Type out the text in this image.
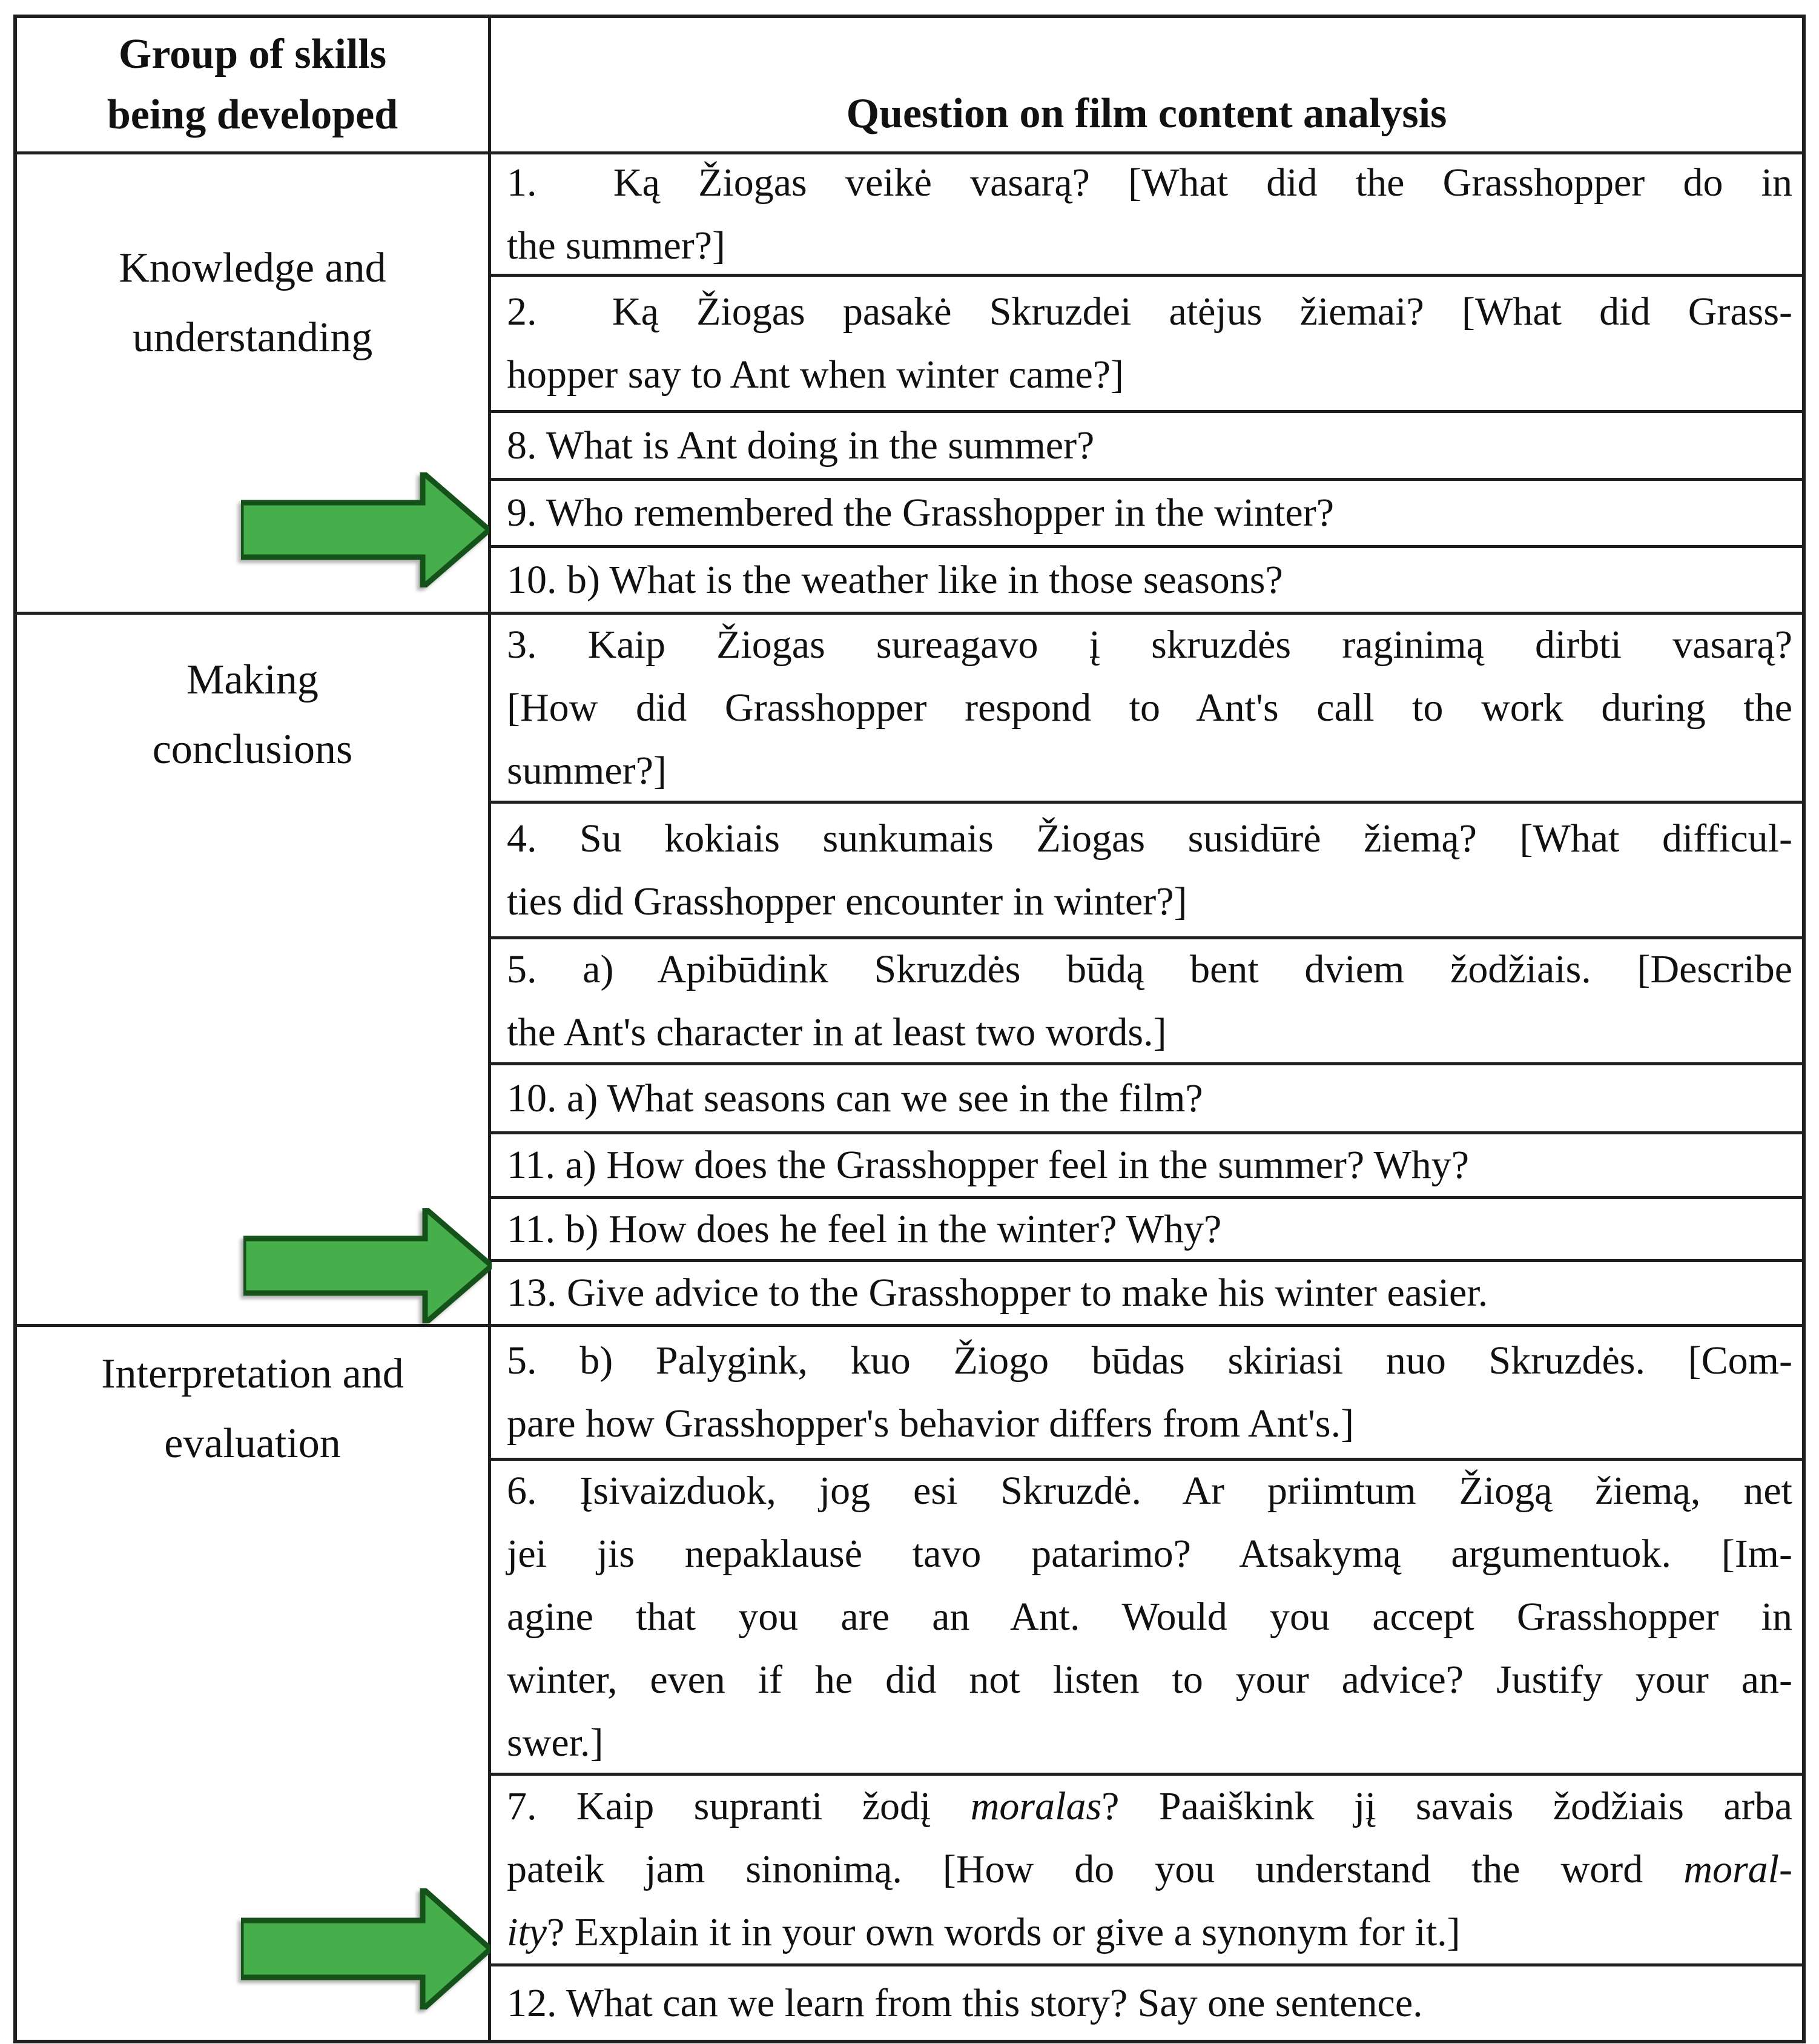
Group of skills
being developed	Question on film content analysis
Knowledge and
understanding
Making
conclusions
Interpretation and
evaluation
1.  Ką Žiogas veikė vasarą? [What did the Grasshopper do in
the summer?]
2.  Ką Žiogas pasakė Skruzdei atėjus žiemai? [What did Grass-
hopper say to Ant when winter came?]
8. What is Ant doing in the summer?
9. Who remembered the Grasshopper in the winter?
10. b) What is the weather like in those seasons?
3. Kaip Žiogas sureagavo į skruzdės raginimą dirbti vasarą?
[How did Grasshopper respond to Ant's call to work during the
summer?]
4. Su kokiais sunkumais Žiogas susidūrė žiemą? [What difficul-
ties did Grasshopper encounter in winter?]
5. a) Apibūdink Skruzdės būdą bent dviem žodžiais. [Describe
the Ant's character in at least two words.]
10. a) What seasons can we see in the film?
11. a) How does the Grasshopper feel in the summer? Why?
11. b) How does he feel in the winter? Why?
13. Give advice to the Grasshopper to make his winter easier.
5. b) Palygink, kuo Žiogo būdas skiriasi nuo Skruzdės. [Com-
pare how Grasshopper's behavior differs from Ant's.]
6. Įsivaizduok, jog esi Skruzdė. Ar priimtum Žiogą žiemą, net
jei jis nepaklausė tavo patarimo? Atsakymą argumentuok. [Im-
agine that you are an Ant. Would you accept Grasshopper in
winter, even if he did not listen to your advice? Justify your an-
swer.]
7. Kaip supranti žodį moralas? Paaiškink jį savais žodžiais arba
pateik jam sinonimą. [How do you understand the word moral-
ity? Explain it in your own words or give a synonym for it.]
12. What can we learn from this story? Say one sentence.
